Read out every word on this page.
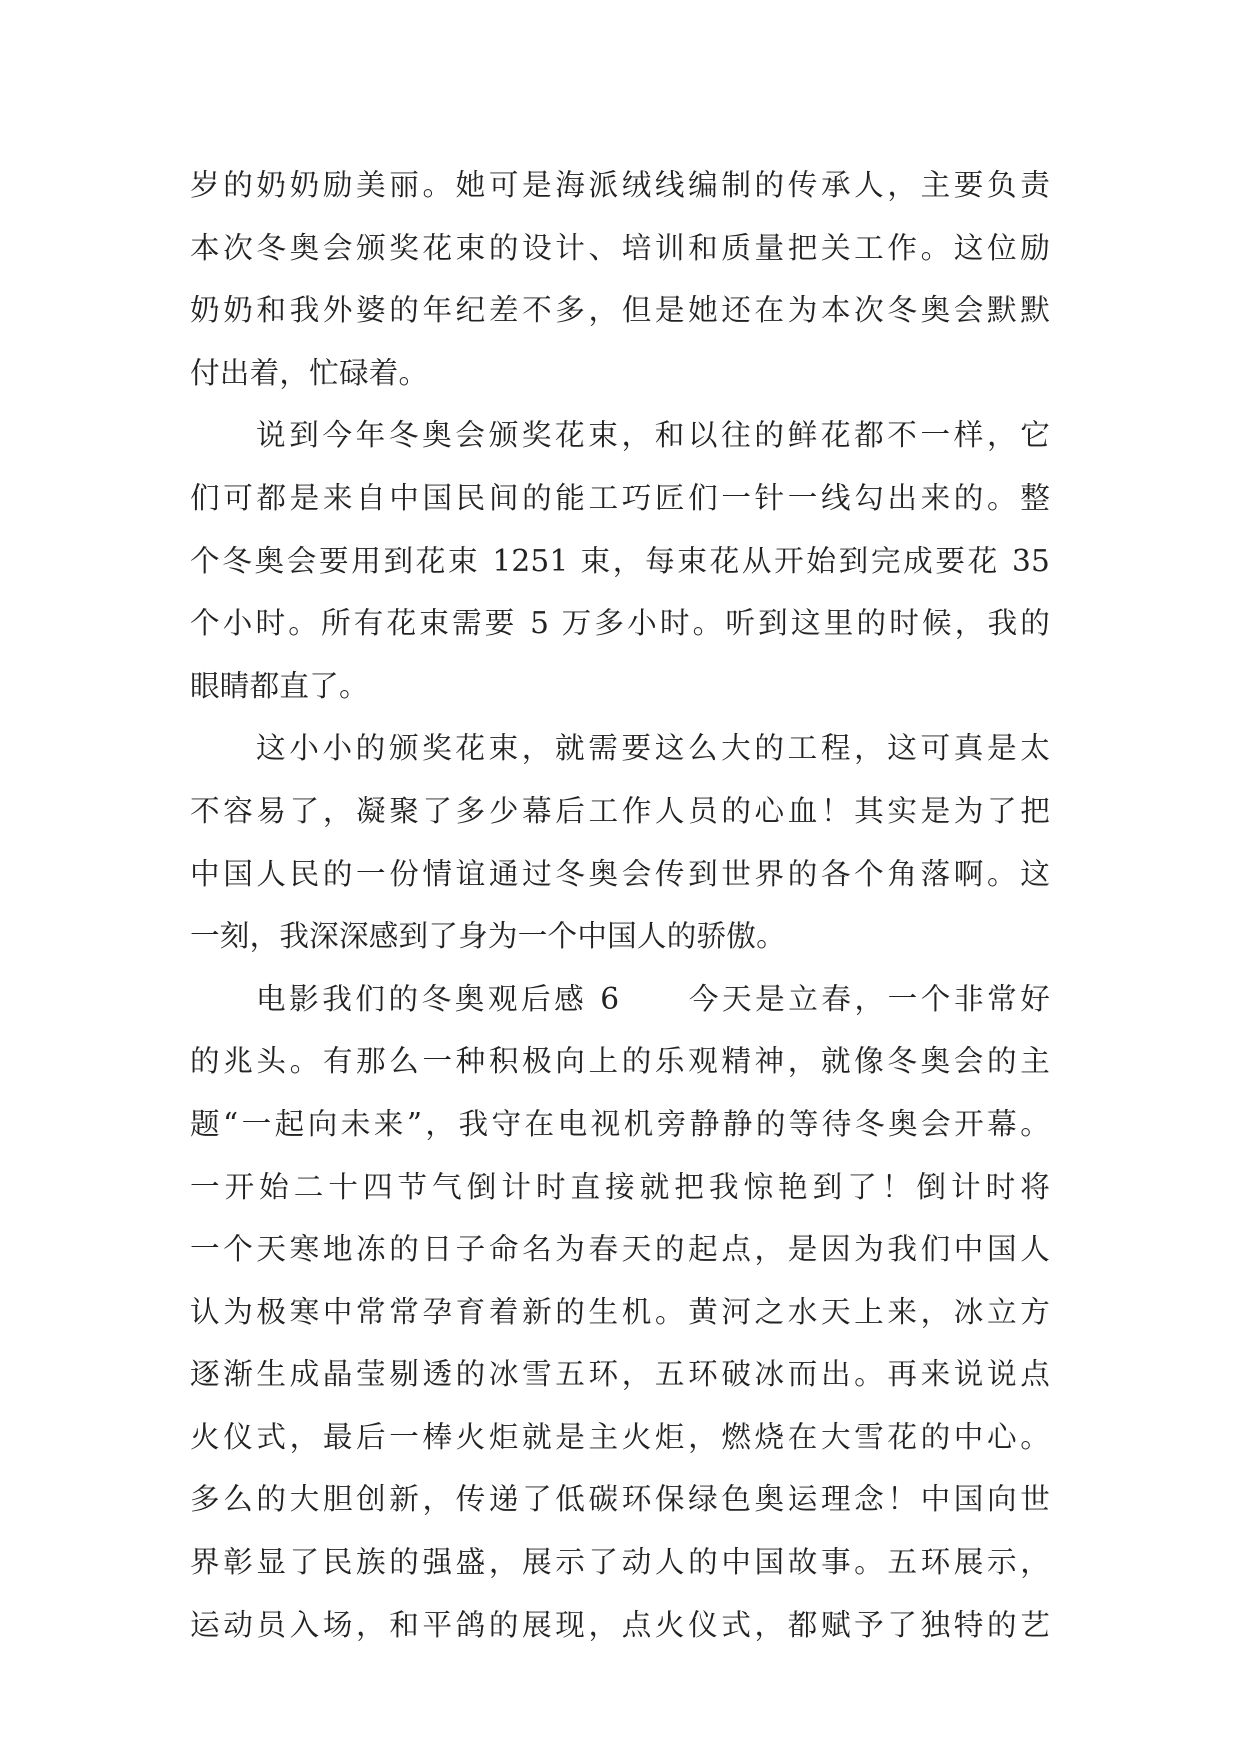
岁的奶奶励美丽。她可是海派绒线编制的传承人，主要负责
本次冬奥会颁奖花束的设计、培训和质量把关工作。这位励
奶奶和我外婆的年纪差不多，但是她还在为本次冬奥会默默
付出着，忙碌着。
说到今年冬奥会颁奖花束，和以往的鲜花都不一样，它
们可都是来自中国民间的能工巧匠们一针一线勾出来的。整
个冬奥会要用到花束 1251 束，每束花从开始到完成要花 35
个小时。所有花束需要 5 万多小时。听到这里的时候，我的
眼睛都直了。
这小小的颁奖花束，就需要这么大的工程，这可真是太
不容易了，凝聚了多少幕后工作人员的心血！其实是为了把
中国人民的一份情谊通过冬奥会传到世界的各个角落啊。这
一刻，我深深感到了身为一个中国人的骄傲。
电影我们的冬奥观后感 6　　今天是立春，一个非常好
的兆头。有那么一种积极向上的乐观精神，就像冬奥会的主
题“一起向未来”，我守在电视机旁静静的等待冬奥会开幕。
一开始二十四节气倒计时直接就把我惊艳到了！倒计时将
一个天寒地冻的日子命名为春天的起点，是因为我们中国人
认为极寒中常常孕育着新的生机。黄河之水天上来，冰立方
逐渐生成晶莹剔透的冰雪五环，五环破冰而出。再来说说点
火仪式，最后一棒火炬就是主火炬，燃烧在大雪花的中心。
多么的大胆创新，传递了低碳环保绿色奥运理念！中国向世
界彰显了民族的强盛，展示了动人的中国故事。五环展示，
运动员入场，和平鸽的展现，点火仪式，都赋予了独特的艺
